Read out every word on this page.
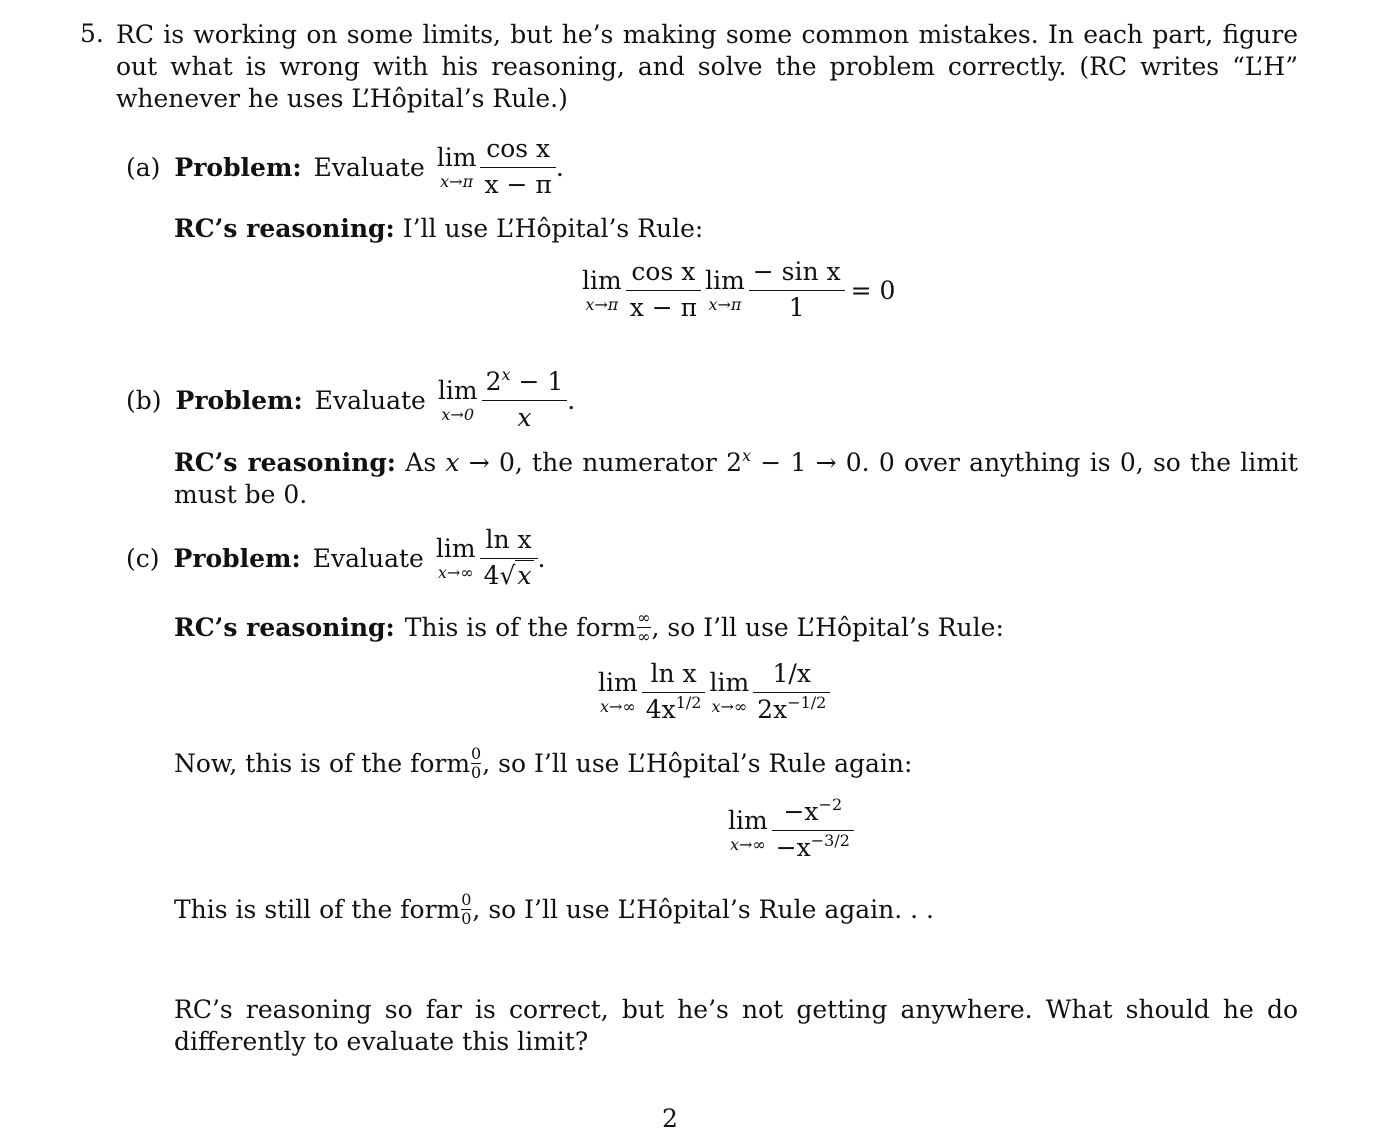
5. RC is working on some limits, but he’s making some common mistakes. In each part, figure out what is wrong with his reasoning, and solve the problem correctly. (RC writes “L’H” whenever he uses L’Hôpital’s Rule.)
(a) Problem: Evaluate lim
$x\to\pi \frac{\text{cos x}}{x - \pi}$ .
RC’s reasoning: I’ll use L’Hôpital’s Rule:
lim
$x\to\pi \frac{\text{cos x}}{x - \pi}$ lim
$x\to\pi \frac{\text{− sin x}}{1} = 0$
(b) Problem: Evaluate lim
$x\to 0 \frac{2^x - 1}{x}$ .
RC’s reasoning: As x → 0, the numerator $2^x - 1 \to 0$. 0 over anything is 0, so the limit must be 0.
(c) Problem: Evaluate lim
$x\to\infty \frac{\text{ln x}}{4√x}$ .
RC’s reasoning: This is of the form ∞
∞ , so I’ll use L’Hôpital’s Rule:
lim
$x\to\infty \frac{\text{ln x}}{4x^{1/2}}$ lim
$x\to\infty \frac{1/x}{2x^{-1/2}}$
Now, this is of the form 0
0 , so I’ll use L’Hôpital’s Rule again:
lim
$x\to\infty \frac{-x^{-2}}{-x^{-3/2}}$
This is still of the form 0
0 , so I’ll use L’Hôpital’s Rule again. . .
RC’s reasoning so far is correct, but he’s not getting anywhere. What should he do differently to evaluate this limit?
2
